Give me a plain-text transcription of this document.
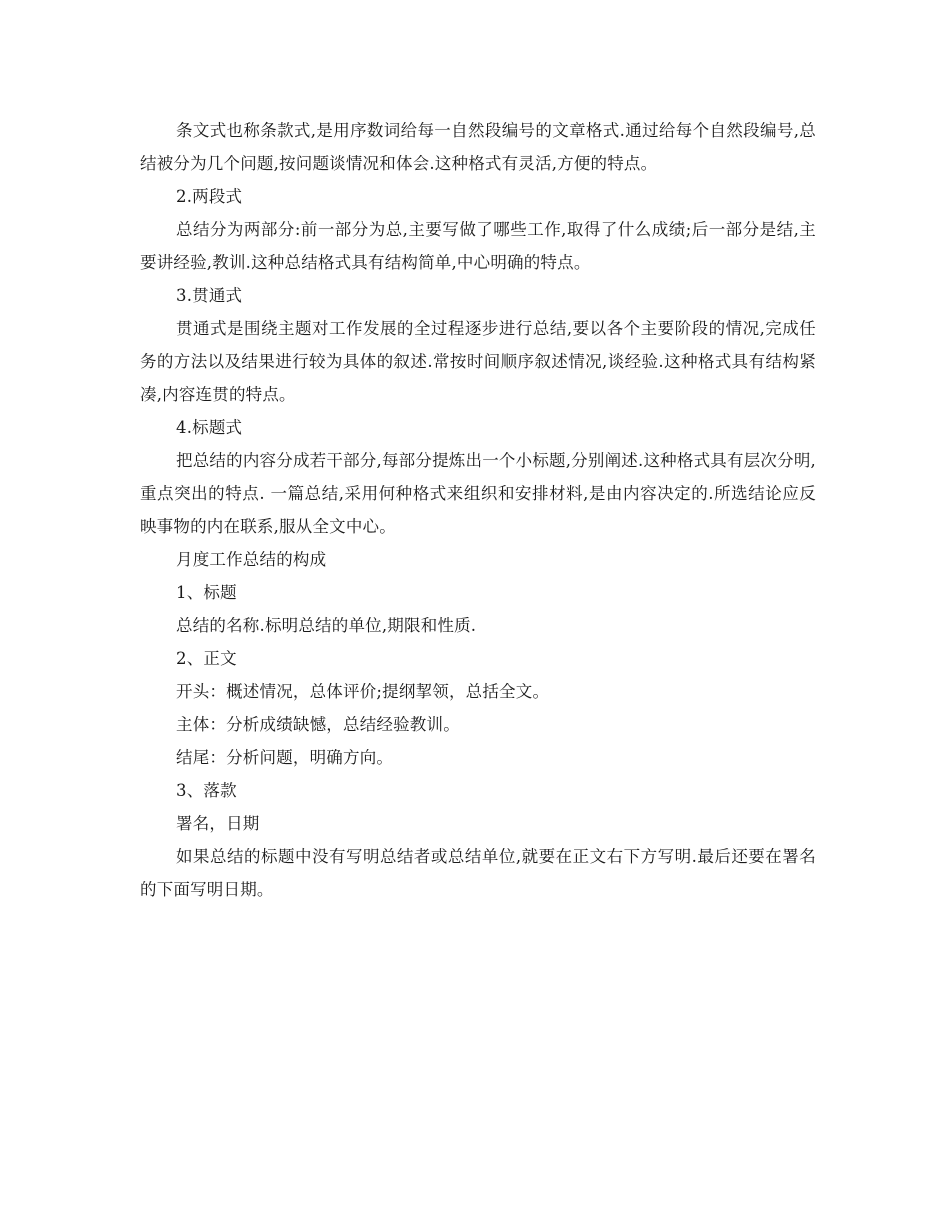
条文式也称条款式,是用序数词给每一自然段编号的文章格式.通过给每个自然段编号,总结被分为几个问题,按问题谈情况和体会.这种格式有灵活,方便的特点。

2.两段式

总结分为两部分:前一部分为总,主要写做了哪些工作,取得了什么成绩;后一部分是结,主要讲经验,教训.这种总结格式具有结构简单,中心明确的特点。

3.贯通式

贯通式是围绕主题对工作发展的全过程逐步进行总结,要以各个主要阶段的情况,完成任务的方法以及结果进行较为具体的叙述.常按时间顺序叙述情况,谈经验.这种格式具有结构紧凑,内容连贯的特点。

4.标题式

把总结的内容分成若干部分,每部分提炼出一个小标题,分别阐述.这种格式具有层次分明,重点突出的特点. 一篇总结,采用何种格式来组织和安排材料,是由内容决定的.所选结论应反映事物的内在联系,服从全文中心。

月度工作总结的构成

1、标题

总结的名称.标明总结的单位,期限和性质.

2、正文

开头：概述情况，总体评价;提纲挈领，总括全文。

主体：分析成绩缺憾，总结经验教训。

结尾：分析问题，明确方向。

3、落款

署名，日期

如果总结的标题中没有写明总结者或总结单位,就要在正文右下方写明.最后还要在署名的下面写明日期。
